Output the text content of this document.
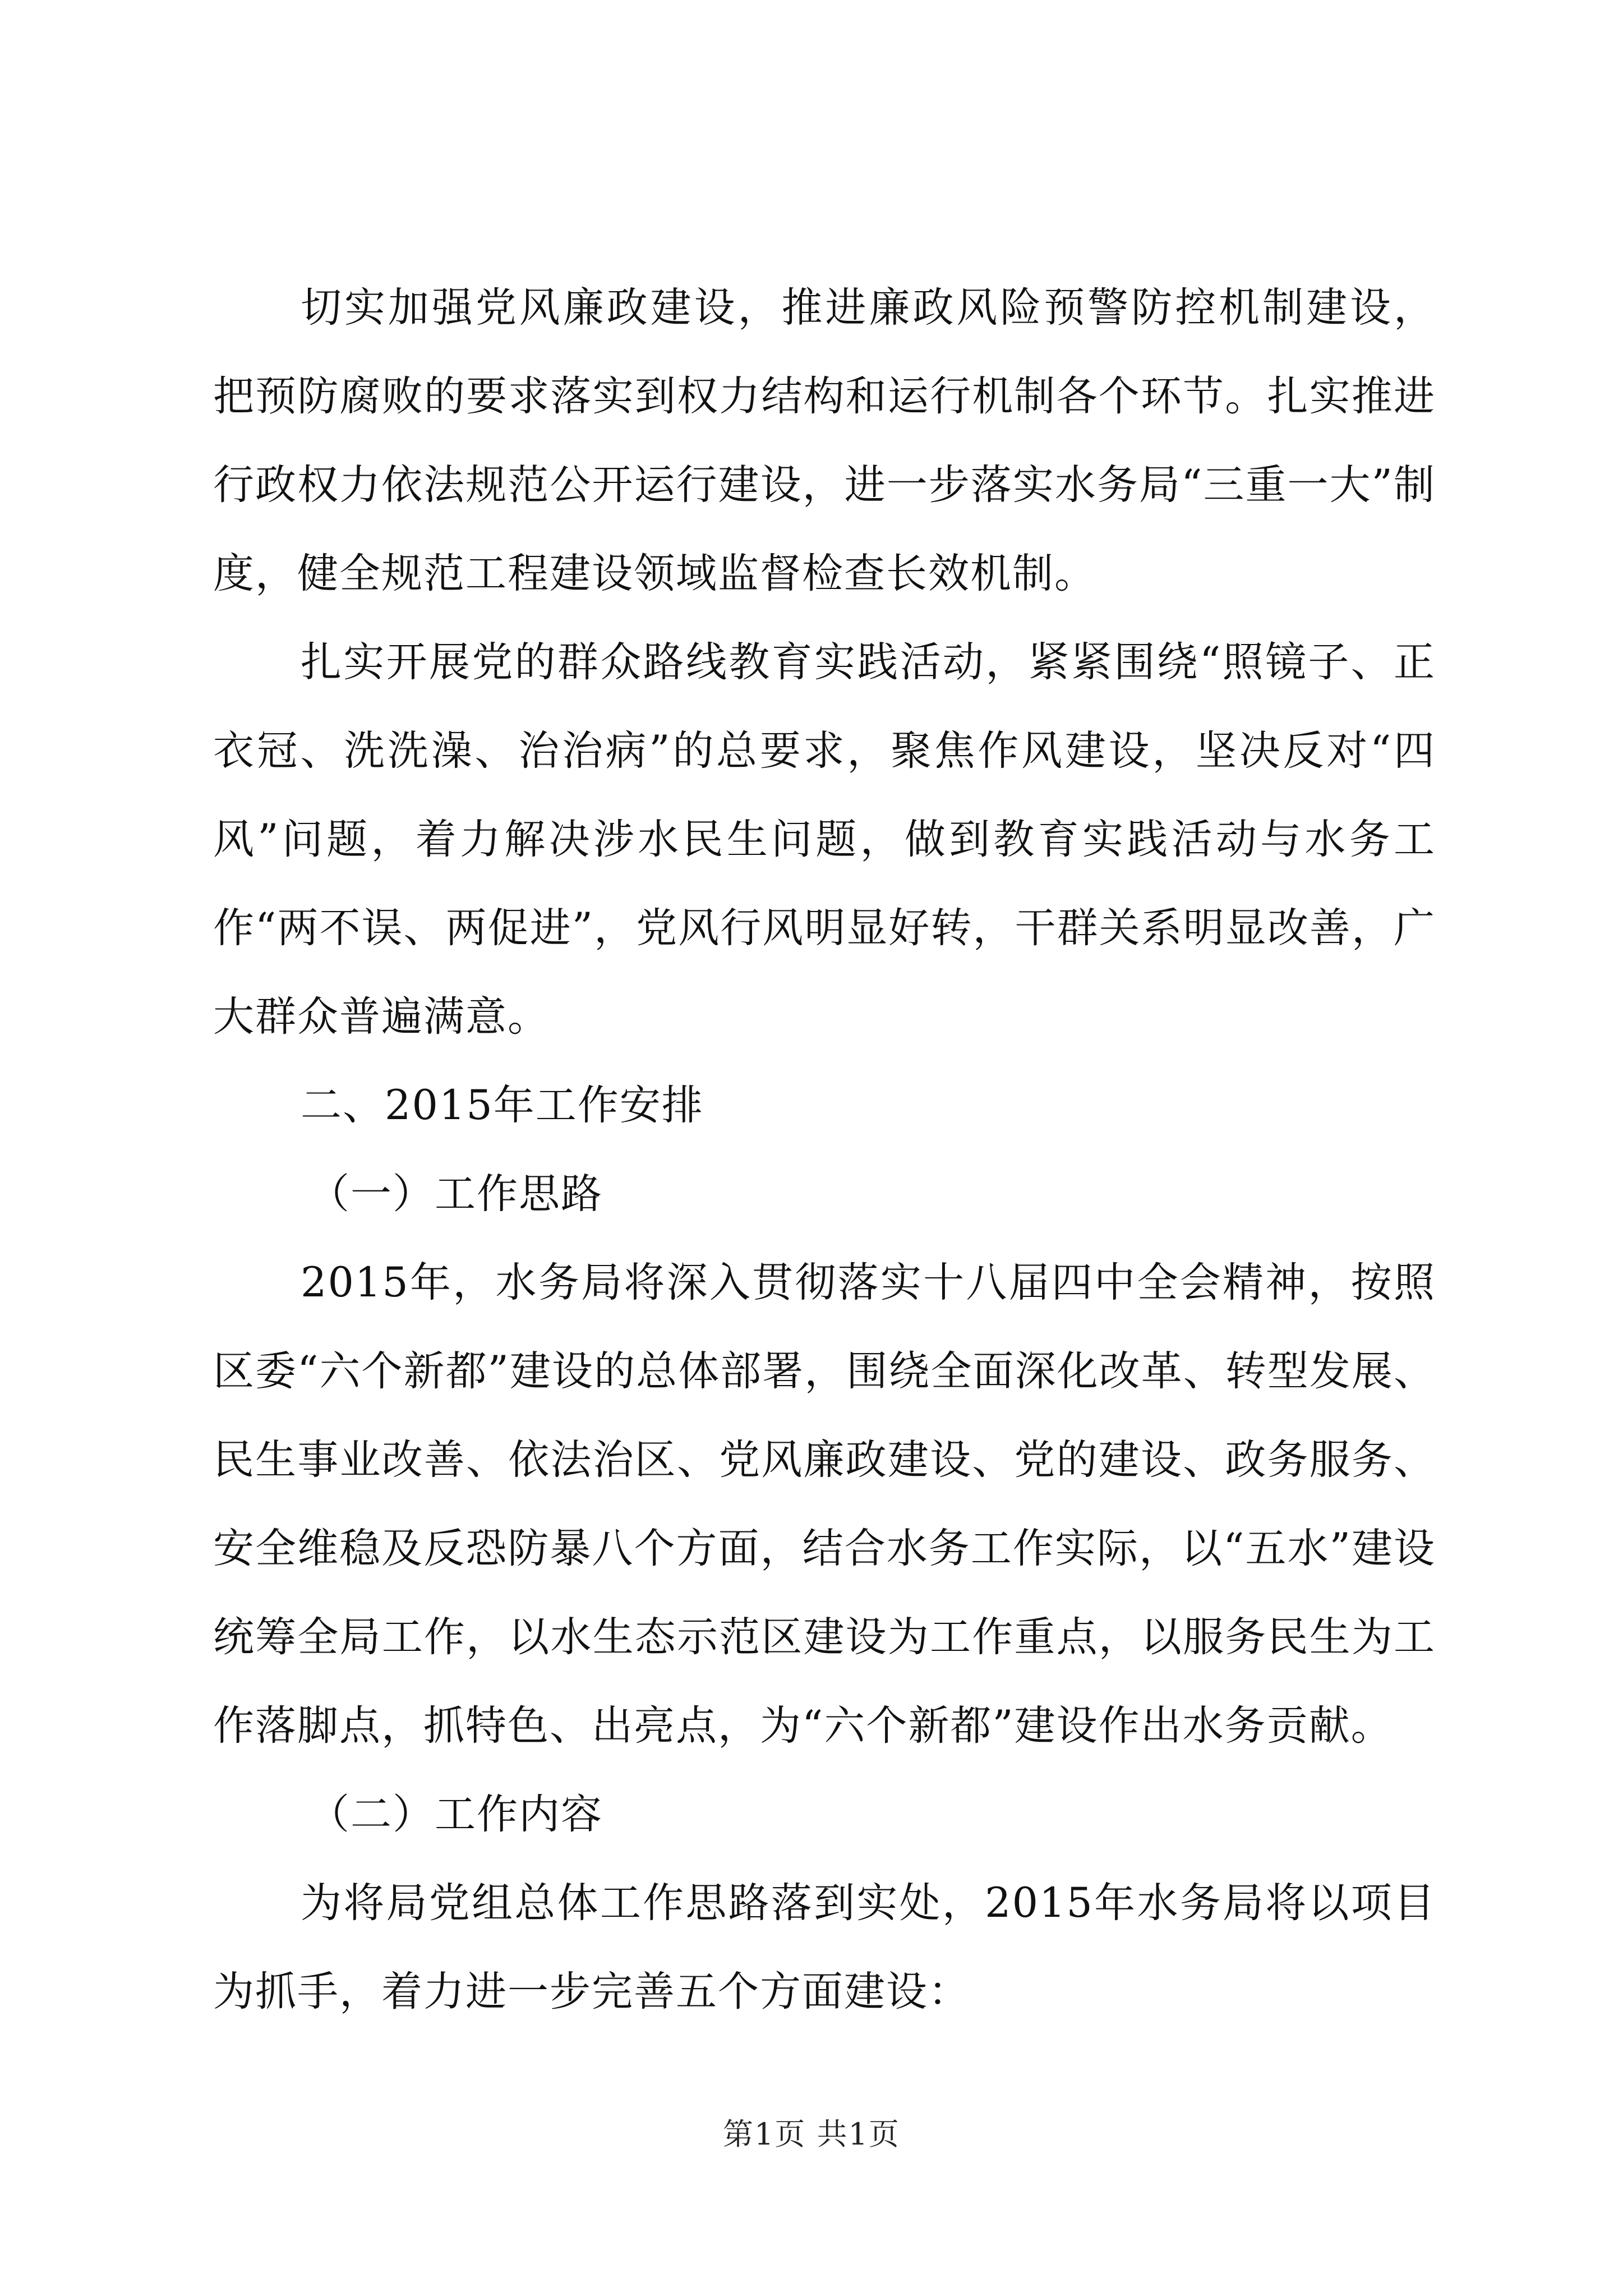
切实加强党风廉政建设，推进廉政风险预警防控机制建设，把预防腐败的要求落实到权力结构和运行机制各个环节。扎实推进行政权力依法规范公开运行建设，进一步落实水务局“三重一大”制度，健全规范工程建设领域监督检查长效机制。

扎实开展党的群众路线教育实践活动，紧紧围绕“照镜子、正衣冠、洗洗澡、治治病”的总要求，聚焦作风建设，坚决反对“四风”问题，着力解决涉水民生问题，做到教育实践活动与水务工作“两不误、两促进”，党风行风明显好转，干群关系明显改善，广大群众普遍满意。

二、2015年工作安排

（一）工作思路

2015年，水务局将深入贯彻落实十八届四中全会精神，按照区委“六个新都”建设的总体部署，围绕全面深化改革、转型发展、民生事业改善、依法治区、党风廉政建设、党的建设、政务服务、安全维稳及反恐防暴八个方面，结合水务工作实际，以“五水”建设统筹全局工作，以水生态示范区建设为工作重点，以服务民生为工作落脚点，抓特色、出亮点，为“六个新都”建设作出水务贡献。

（二）工作内容

为将局党组总体工作思路落到实处，2015年水务局将以项目为抓手，着力进一步完善五个方面建设：

第1页 共1页
